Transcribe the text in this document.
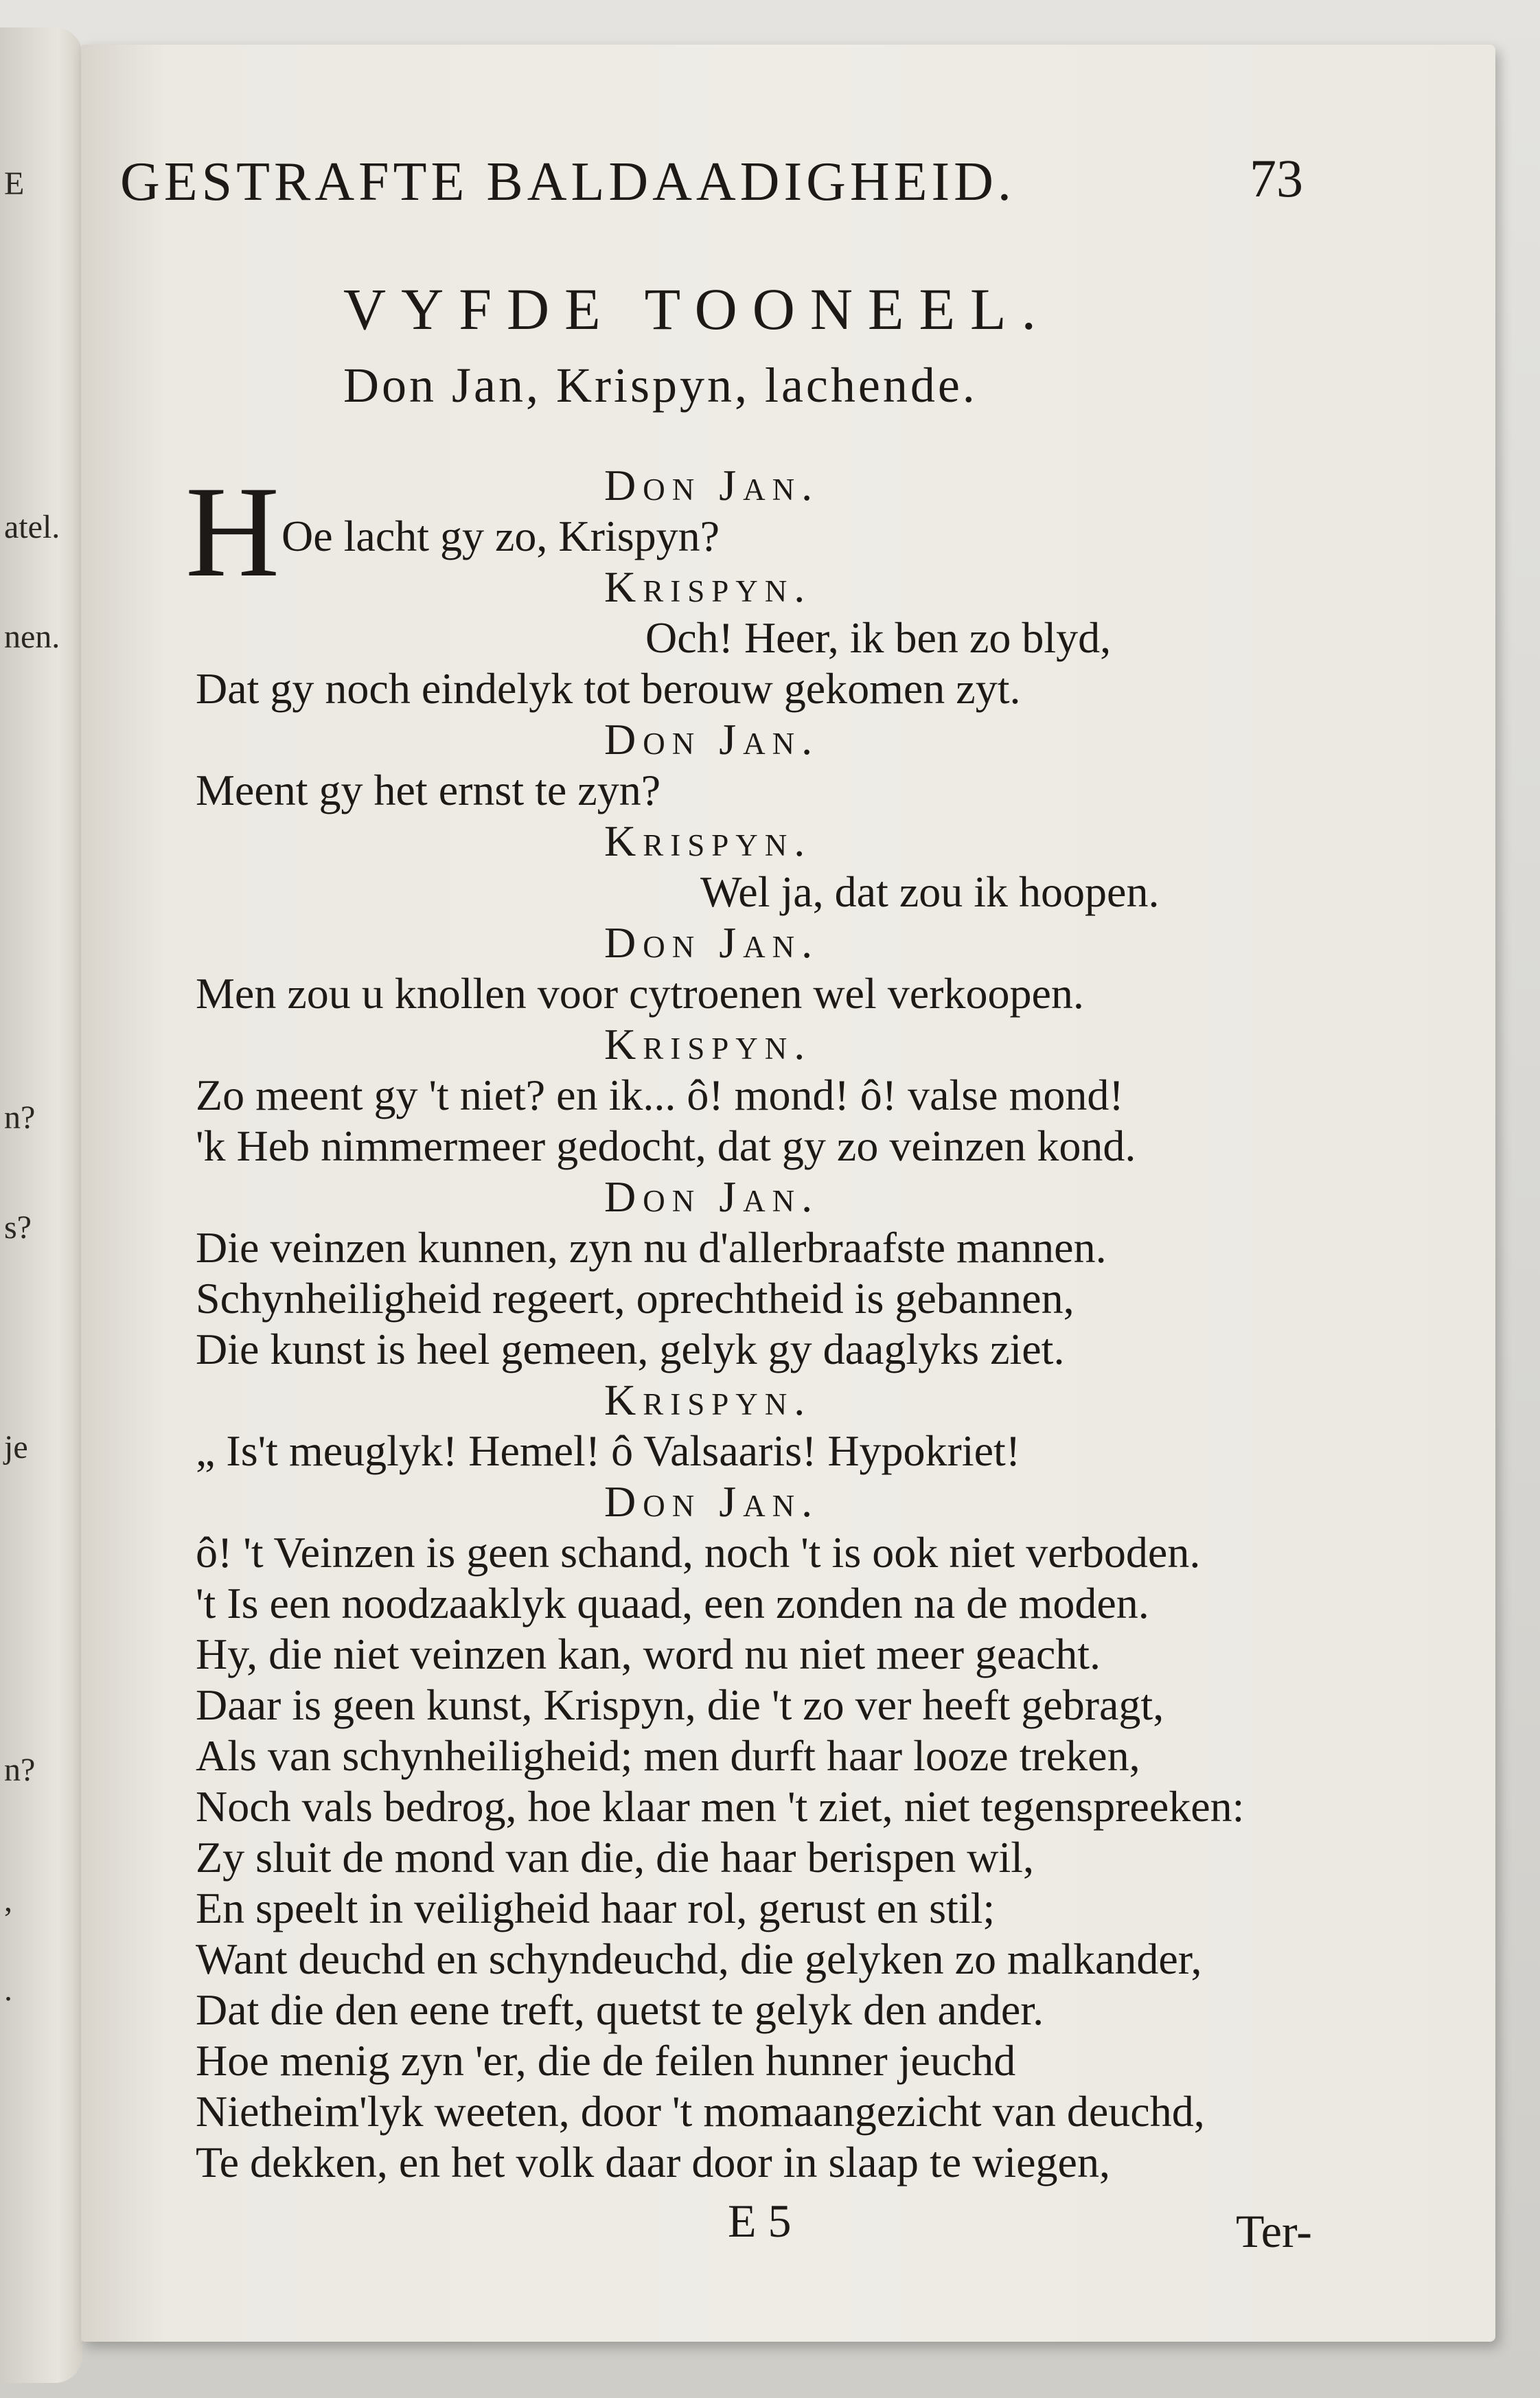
E
atel.
nen.
n?
s?
je
n?
,
.
GESTRAFTE BALDAADIGHEID.	73
VYFDE TOONEEL.
Don Jan, Krispyn, lachende.
H	Don Jan.
Oe lacht gy zo, Krispyn?
Krispyn.
Och! Heer, ik ben zo blyd,
Dat gy noch eindelyk tot berouw gekomen zyt.
Don Jan.
Meent gy het ernst te zyn?
Krispyn.
Wel ja, dat zou ik hoopen.
Don Jan.
Men zou u knollen voor cytroenen wel verkoopen.
Krispyn.
Zo meent gy 't niet? en ik... ô! mond! ô! valse mond!
'k Heb nimmermeer gedocht, dat gy zo veinzen kond.
Don Jan.
Die veinzen kunnen, zyn nu d'allerbraafste mannen.
Schynheiligheid regeert, oprechtheid is gebannen,
Die kunst is heel gemeen, gelyk gy daaglyks ziet.
Krispyn.
„ Is't meuglyk! Hemel! ô Valsaaris! Hypokriet!
Don Jan.
ô! 't Veinzen is geen schand, noch 't is ook niet verboden.
't Is een noodzaaklyk quaad, een zonden na de moden.
Hy, die niet veinzen kan, word nu niet meer geacht.
Daar is geen kunst, Krispyn, die 't zo ver heeft gebragt,
Als van schynheiligheid; men durft haar looze treken,
Noch vals bedrog, hoe klaar men 't ziet, niet tegenspreeken:
Zy sluit de mond van die, die haar berispen wil,
En speelt in veiligheid haar rol, gerust en stil;
Want deuchd en schyndeuchd, die gelyken zo malkander,
Dat die den eene treft, quetst te gelyk den ander.
Hoe menig zyn 'er, die de feilen hunner jeuchd
Nietheim'lyk weeten, door 't momaangezicht van deuchd,
Te dekken, en het volk daar door in slaap te wiegen,
E 5	Ter-
